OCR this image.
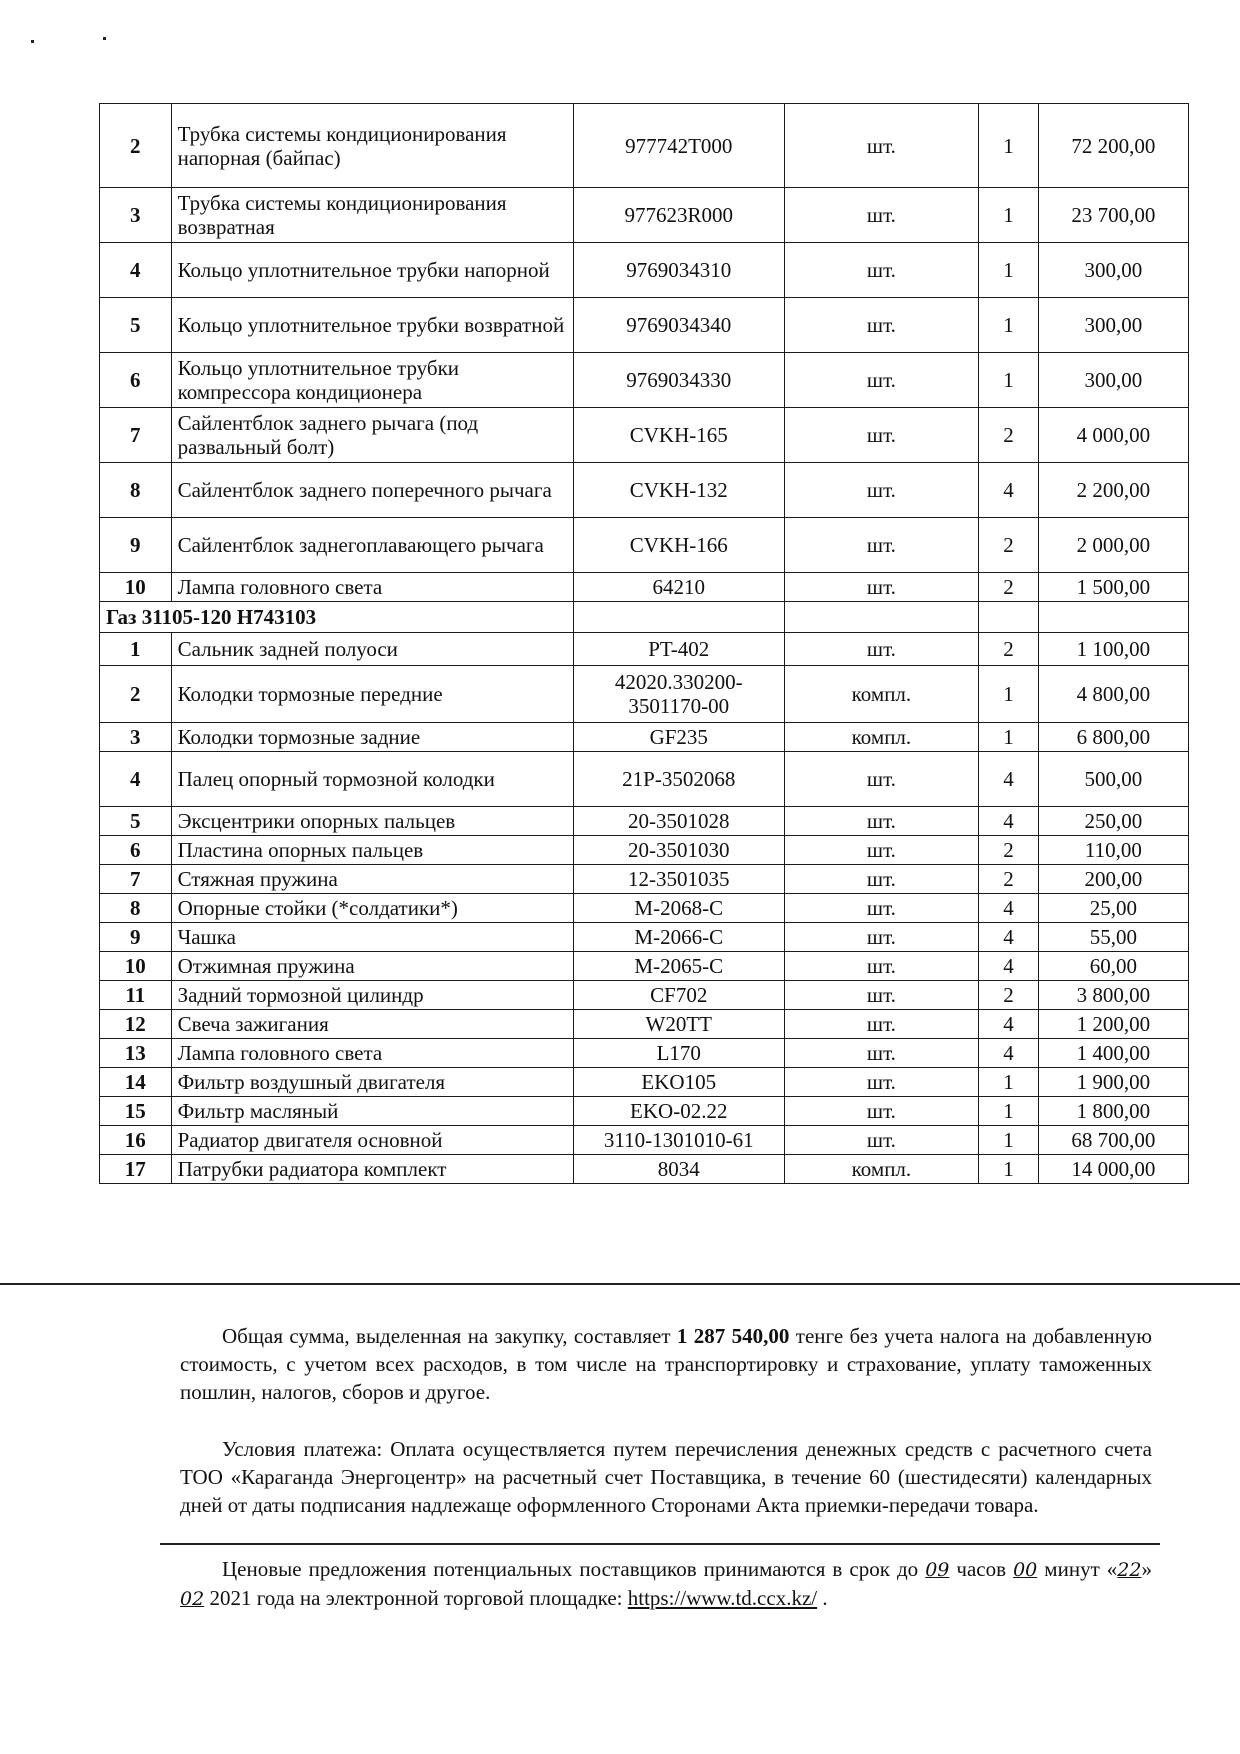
2	Трубка системы кондиционирования напорная (байпас)	977742T000	шт.	1	72 200,00
3	Трубка системы кондиционирования возвратная	977623R000	шт.	1	23 700,00
4	Кольцо уплотнительное трубки напорной	9769034310	шт.	1	300,00
5	Кольцо уплотнительное трубки возвратной	9769034340	шт.	1	300,00
6	Кольцо уплотнительное трубки компрессора кондиционера	9769034330	шт.	1	300,00
7	Сайлентблок заднего рычага (под развальный болт)	CVKH-165	шт.	2	4 000,00
8	Сайлентблок заднего поперечного рычага	CVKH-132	шт.	4	2 200,00
9	Сайлентблок заднегоплавающего рычага	CVKH-166	шт.	2	2 000,00
10	Лампа головного света	64210	шт.	2	1 500,00
Газ 31105-120 Н743103					
1	Сальник задней полуоси	PT-402	шт.	2	1 100,00
2	Колодки тормозные передние	42020.330200-3501170-00	компл.	1	4 800,00
3	Колодки тормозные задние	GF235	компл.	1	6 800,00
4	Палец опорный тормозной колодки	21P-3502068	шт.	4	500,00
5	Эксцентрики опорных пальцев	20-3501028	шт.	4	250,00
6	Пластина опорных пальцев	20-3501030	шт.	2	110,00
7	Стяжная пружина	12-3501035	шт.	2	200,00
8	Опорные стойки (*солдатики*)	M-2068-C	шт.	4	25,00
9	Чашка	M-2066-C	шт.	4	55,00
10	Отжимная пружина	M-2065-C	шт.	4	60,00
11	Задний тормозной цилиндр	CF702	шт.	2	3 800,00
12	Свеча зажигания	W20TT	шт.	4	1 200,00
13	Лампа головного света	L170	шт.	4	1 400,00
14	Фильтр воздушный двигателя	EKO105	шт.	1	1 900,00
15	Фильтр масляный	EKO-02.22	шт.	1	1 800,00
16	Радиатор двигателя основной	3110-1301010-61	шт.	1	68 700,00
17	Патрубки радиатора комплект	8034	компл.	1	14 000,00

Общая сумма, выделенная на закупку, составляет 1 287 540,00 тенге без учета налога на добавленную стоимость, с учетом всех расходов, в том числе на транспортировку и страхование, уплату таможенных пошлин, налогов, сборов и другое.

Условия платежа: Оплата осуществляется путем перечисления денежных средств с расчетного счета ТОО «Караганда Энергоцентр» на расчетный счет Поставщика, в течение 60 (шестидесяти) календарных дней от даты подписания надлежаще оформленного Сторонами Акта приемки-передачи товара.

Ценовые предложения потенциальных поставщиков принимаются в срок до 09 часов 00 минут «22» 02 2021 года на электронной торговой площадке: https://www.td.ccx.kz/ .
